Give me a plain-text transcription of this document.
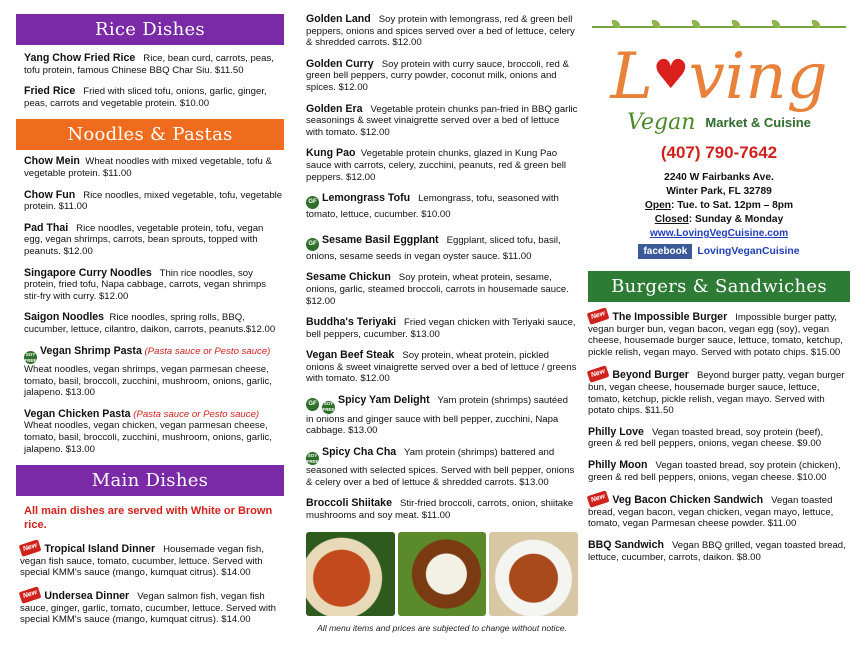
Rice Dishes
Yang Chow Fried Rice Rice, bean curd, carrots, peas, tofu protein, famous Chinese BBQ Char Siu. $11.50
Fried Rice Fried with sliced tofu, onions, garlic, ginger, peas, carrots and vegetable protein. $10.00
Noodles & Pastas
Chow Mein Wheat noodles with mixed vegetable, tofu & vegetable protein. $11.00
Chow Fun Rice noodles, mixed vegetable, tofu, vegetable protein. $11.00
Pad Thai Rice noodles, vegetable protein, tofu, vegan egg, vegan shrimps, carrots, bean sprouts, topped with peanuts. $12.00
Singapore Curry Noodles Thin rice noodles, soy protein, fried tofu, Napa cabbage, carrots, vegan shrimps stir-fry with curry. $12.00
Saigon Noodles Rice noodles, spring rolls, BBQ, cucumber, lettuce, cilantro, daikon, carrots, peanuts.$12.00
SOY FREEVegan Shrimp Pasta (Pasta sauce or Pesto sauce)
Wheat noodles, vegan shrimps, vegan parmesan cheese, tomato, basil, broccoli, zucchini, mushroom, onions, garlic, jalapeno. $13.00
Vegan Chicken Pasta (Pasta sauce or Pesto sauce)
Wheat noodles, vegan chicken, vegan parmesan cheese, tomato, basil, broccoli, zucchini, mushroom, onions, garlic, jalapeno. $13.00
Main Dishes
All main dishes are served with White or Brown rice.
New Tropical Island Dinner Housemade vegan fish, vegan fish sauce, tomato, cucumber, lettuce. Served with special KMM's sauce (mango, kumquat citrus). $14.00
New Undersea Dinner Vegan salmon fish, vegan fish sauce, ginger, garlic, tomato, cucumber, lettuce. Served with special KMM's sauce (mango, kumquat citrus). $14.00
Golden Land Soy protein with lemongrass, red & green bell peppers, onions and spices served over a bed of lettuce, celery & shredded carrots. $12.00
Golden Curry Soy protein with curry sauce, broccoli, red & green bell peppers, curry powder, coconut milk, onions and spices. $12.00
Golden Era Vegetable protein chunks pan-fried in BBQ garlic seasonings & sweet vinaigrette served over a bed of lettuce with tomato. $12.00
Kung Pao Vegetable protein chunks, glazed in Kung Pao sauce with carrots, celery, zucchini, peanuts, red & green bell peppers. $12.00
GF Lemongrass Tofu Lemongrass, tofu, seasoned with tomato, lettuce, cucumber. $10.00
GF Sesame Basil Eggplant Eggplant, sliced tofu, basil, onions, sesame seeds in vegan oyster sauce. $11.00
Sesame Chickun Soy protein, wheat protein, sesame, onions, garlic, steamed broccoli, carrots in housemade sauce. $12.00
Buddha's Teriyaki Fried vegan chicken with Teriyaki sauce, bell peppers, cucumber. $13.00
Vegan Beef Steak Soy protein, wheat protein, pickled onions & sweet vinaigrette served over a bed of lettuce / greens with tomato. $12.00
GF SOY FREESpicy Yam Delight Yam protein (shrimps) sautéed in onions and ginger sauce with bell pepper, zucchini, Napa cabbage. $13.00
SOY FREESpicy Cha Cha Yam protein (shrimps) battered and seasoned with selected spices. Served with bell pepper, onions & celery over a bed of lettuce & shredded carrots. $13.00
Broccoli Shiitake Stir-fried broccoli, carrots, onion, shiitake mushrooms and soy meat. $11.00
All menu items and prices are subjected to change without notice.
L♥ving
Vegan Market & Cuisine
(407) 790-7642
2240 W Fairbanks Ave.
Winter Park, FL 32789
Open: Tue. to Sat. 12pm – 8pm
Closed: Sunday & Monday
www.LovingVegCuisine.com
facebook LovingVeganCuisine
Burgers & Sandwiches
New The Impossible Burger Impossible burger patty, vegan burger bun, vegan bacon, vegan egg (soy), vegan cheese, housemade burger sauce, lettuce, tomato, ketchup, pickle relish, vegan mayo. Served with potato chips. $15.00
New Beyond Burger Beyond burger patty, vegan burger bun, vegan cheese, housemade burger sauce, lettuce, tomato, ketchup, pickle relish, vegan mayo. Served with potato chips. $11.50
Philly Love Vegan toasted bread, soy protein (beef), green & red bell peppers, onions, vegan cheese. $9.00
Philly Moon Vegan toasted bread, soy protein (chicken), green & red bell peppers, onions, vegan cheese. $10.00
New Veg Bacon Chicken Sandwich Vegan toasted bread, vegan bacon, vegan chicken, vegan mayo, lettuce, tomato, vegan Parmesan cheese powder. $11.00
BBQ Sandwich Vegan BBQ grilled, vegan toasted bread, lettuce, cucumber, carrots, daikon. $8.00
